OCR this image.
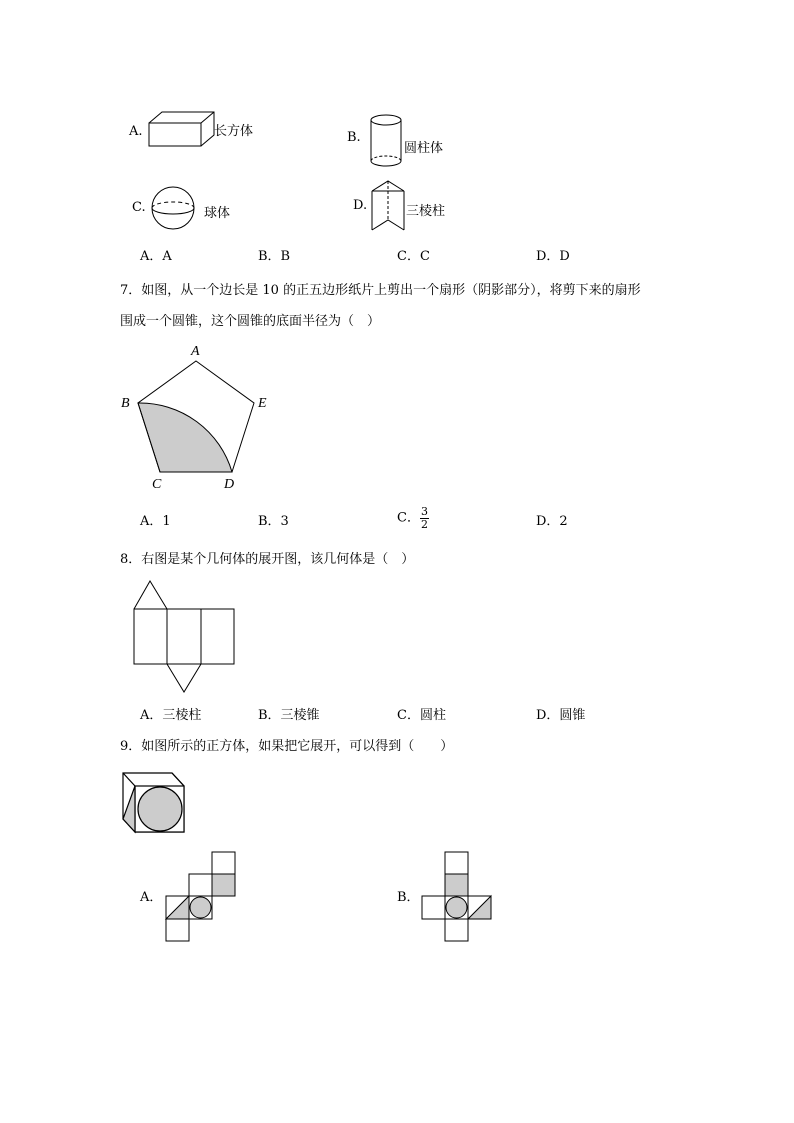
A.	长方体	B.
圆柱体
C.	球体
D.	三棱柱
A．A	B．B	C．C	D．D
7．如图，从一个边长是 10 的正五边形纸片上剪出一个扇形（阴影部分），将剪下来的扇形
围成一个圆锥，这个圆锥的底面半径为（　）
A
B
C	D
E
A．1	B．3	C． $\frac{3}{2}$	D．2
8．右图是某个几何体的展开图，该几何体是（　）
A．三棱柱	B．三棱锥	C．圆柱	D．圆锥
9．如图所示的正方体，如果把它展开，可以得到（　　）
A．	B．
